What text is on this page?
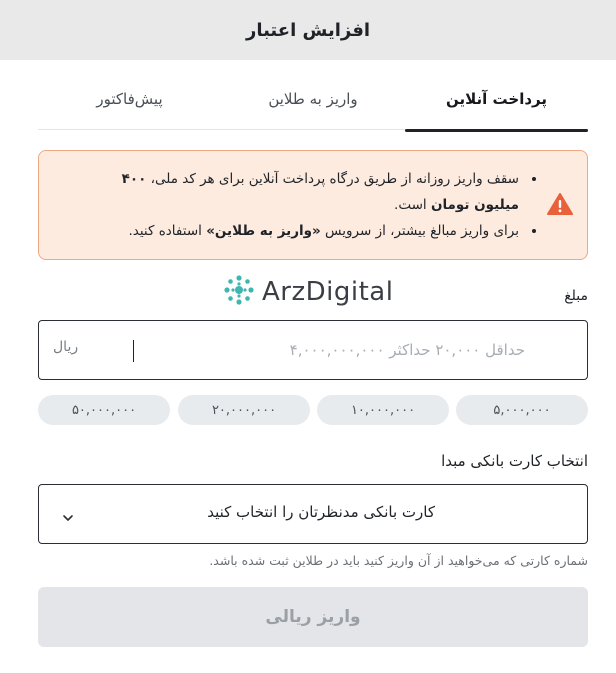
افزایش اعتبار
پرداخت آنلاین
واریز به طلاین
پیش‌فاکتور
• سقف واریز روزانه از طریق درگاه پرداخت آنلاین برای هر کد ملی، ۴۰۰ میلیون تومان است.
• برای واریز مبالغ بیشتر، از سرویس «واریز به طلاین» استفاده کنید.
ArzDigital	مبلغ
حداقل ۲۰,۰۰۰ حداکثر ۴,۰۰۰,۰۰۰,۰۰۰
ریال
۵,۰۰۰,۰۰۰
۱۰,۰۰۰,۰۰۰
۲۰,۰۰۰,۰۰۰
۵۰,۰۰۰,۰۰۰
انتخاب کارت بانکی مبدا
کارت بانکی مدنظرتان را انتخاب کنید
شماره کارتی که می‌خواهید از آن واریز کنید باید در طلاین ثبت شده باشد.
واریز ریالی
